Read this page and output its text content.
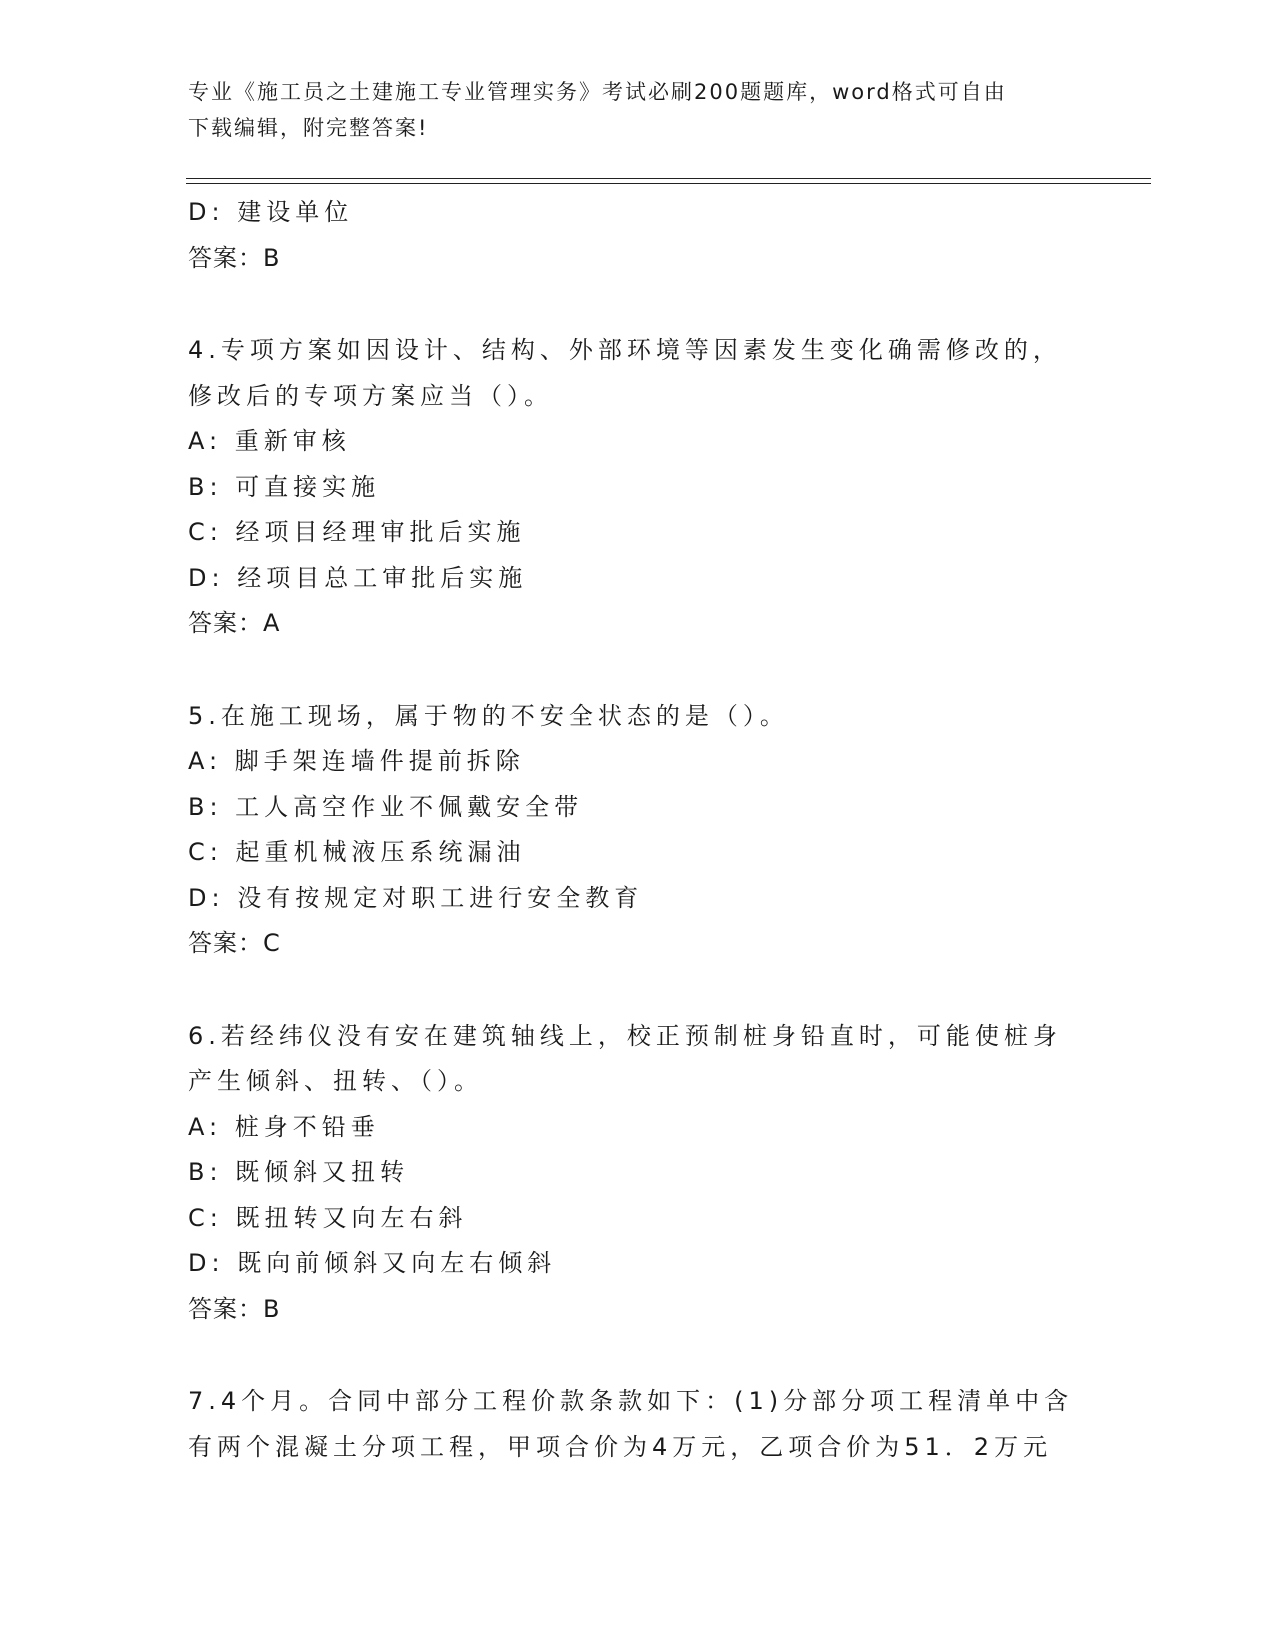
专业《施工员之土建施工专业管理实务》考试必刷200题题库，word格式可自由
下载编辑，附完整答案!
D: 建设单位
答案：B
4.专项方案如因设计、结构、外部环境等因素发生变化确需修改的，
修改后的专项方案应当（）。
A: 重新审核
B: 可直接实施
C: 经项目经理审批后实施
D: 经项目总工审批后实施
答案：A
5.在施工现场，属于物的不安全状态的是（）。
A: 脚手架连墙件提前拆除
B: 工人高空作业不佩戴安全带
C: 起重机械液压系统漏油
D: 没有按规定对职工进行安全教育
答案：C
6.若经纬仪没有安在建筑轴线上，校正预制桩身铅直时，可能使桩身
产生倾斜、扭转、（）。
A: 桩身不铅垂
B: 既倾斜又扭转
C: 既扭转又向左右斜
D: 既向前倾斜又向左右倾斜
答案：B
7.4个月。合同中部分工程价款条款如下：(1)分部分项工程清单中含
有两个混凝土分项工程，甲项合价为4万元，乙项合价为51．2万元
